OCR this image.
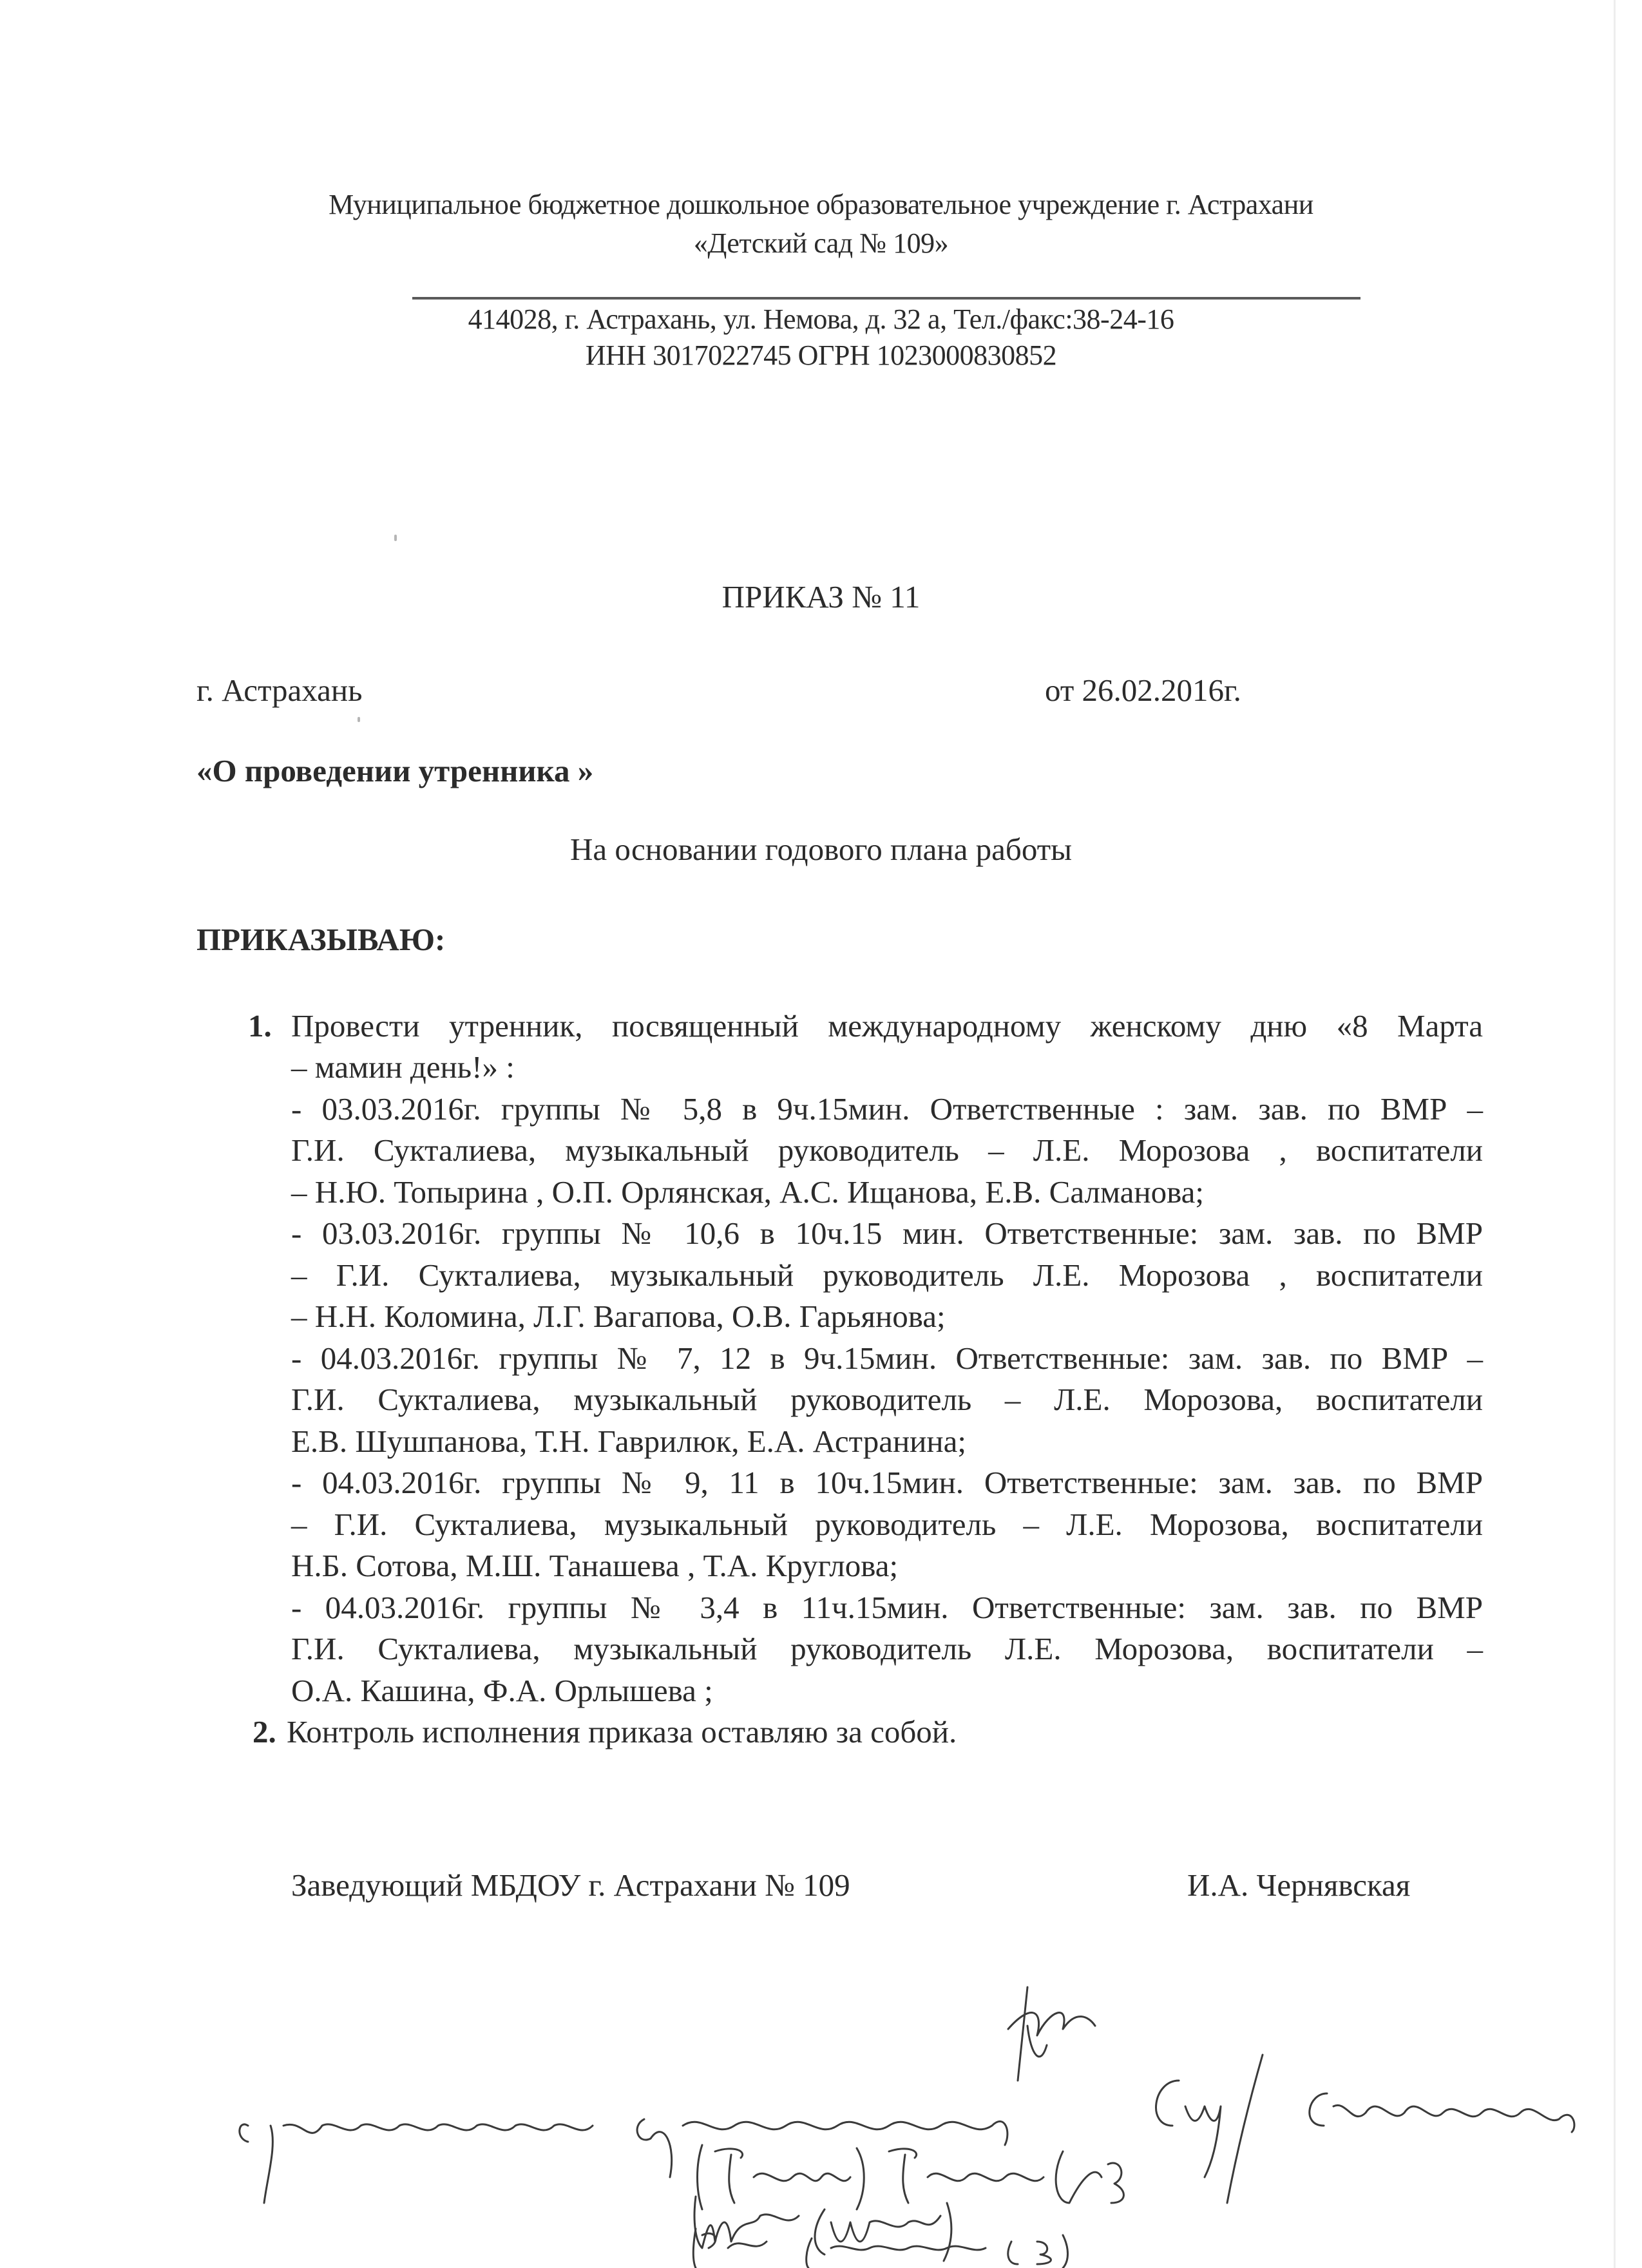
Муниципальное бюджетное дошкольное образовательное учреждение г. Астрахани
«Детский сад № 109»
414028, г. Астрахань, ул. Немова, д. 32 а, Тел./факс:38-24-16
ИНН 3017022745 ОГРН 1023000830852
ПРИКАЗ № 11
г. Астрахань	от 26.02.2016г.
«О проведении утренника »
На основании годового плана работы
ПРИКАЗЫВАЮ:
1. Провести утренник, посвященный международному женскому дню «8 Марта
– мамин день!» :
- 03.03.2016г. группы № 5,8 в 9ч.15мин. Ответственные : зам. зав. по ВМР –
Г.И. Сукталиева, музыкальный руководитель – Л.Е. Морозова , воспитатели
– Н.Ю. Топырина , О.П. Орлянская, А.С. Ищанова, Е.В. Салманова;
- 03.03.2016г. группы № 10,6 в 10ч.15 мин. Ответственные: зам. зав. по ВМР
– Г.И. Сукталиева, музыкальный руководитель Л.Е. Морозова , воспитатели
– Н.Н. Коломина, Л.Г. Вагапова, О.В. Гарьянова;
- 04.03.2016г. группы № 7, 12 в 9ч.15мин. Ответственные: зам. зав. по ВМР –
Г.И. Сукталиева, музыкальный руководитель – Л.Е. Морозова, воспитатели
Е.В. Шушпанова, Т.Н. Гаврилюк, Е.А. Астранина;
- 04.03.2016г. группы № 9, 11 в 10ч.15мин. Ответственные: зам. зав. по ВМР
– Г.И. Сукталиева, музыкальный руководитель – Л.Е. Морозова, воспитатели
Н.Б. Сотова, М.Ш. Танашева , Т.А. Круглова;
- 04.03.2016г. группы № 3,4 в 11ч.15мин. Ответственные: зам. зав. по ВМР
Г.И. Сукталиева, музыкальный руководитель Л.Е. Морозова, воспитатели –
О.А. Кашина, Ф.А. Орлышева ;
2. Контроль исполнения приказа оставляю за собой.
Заведующий МБДОУ г. Астрахани № 109	И.А. Чернявская
